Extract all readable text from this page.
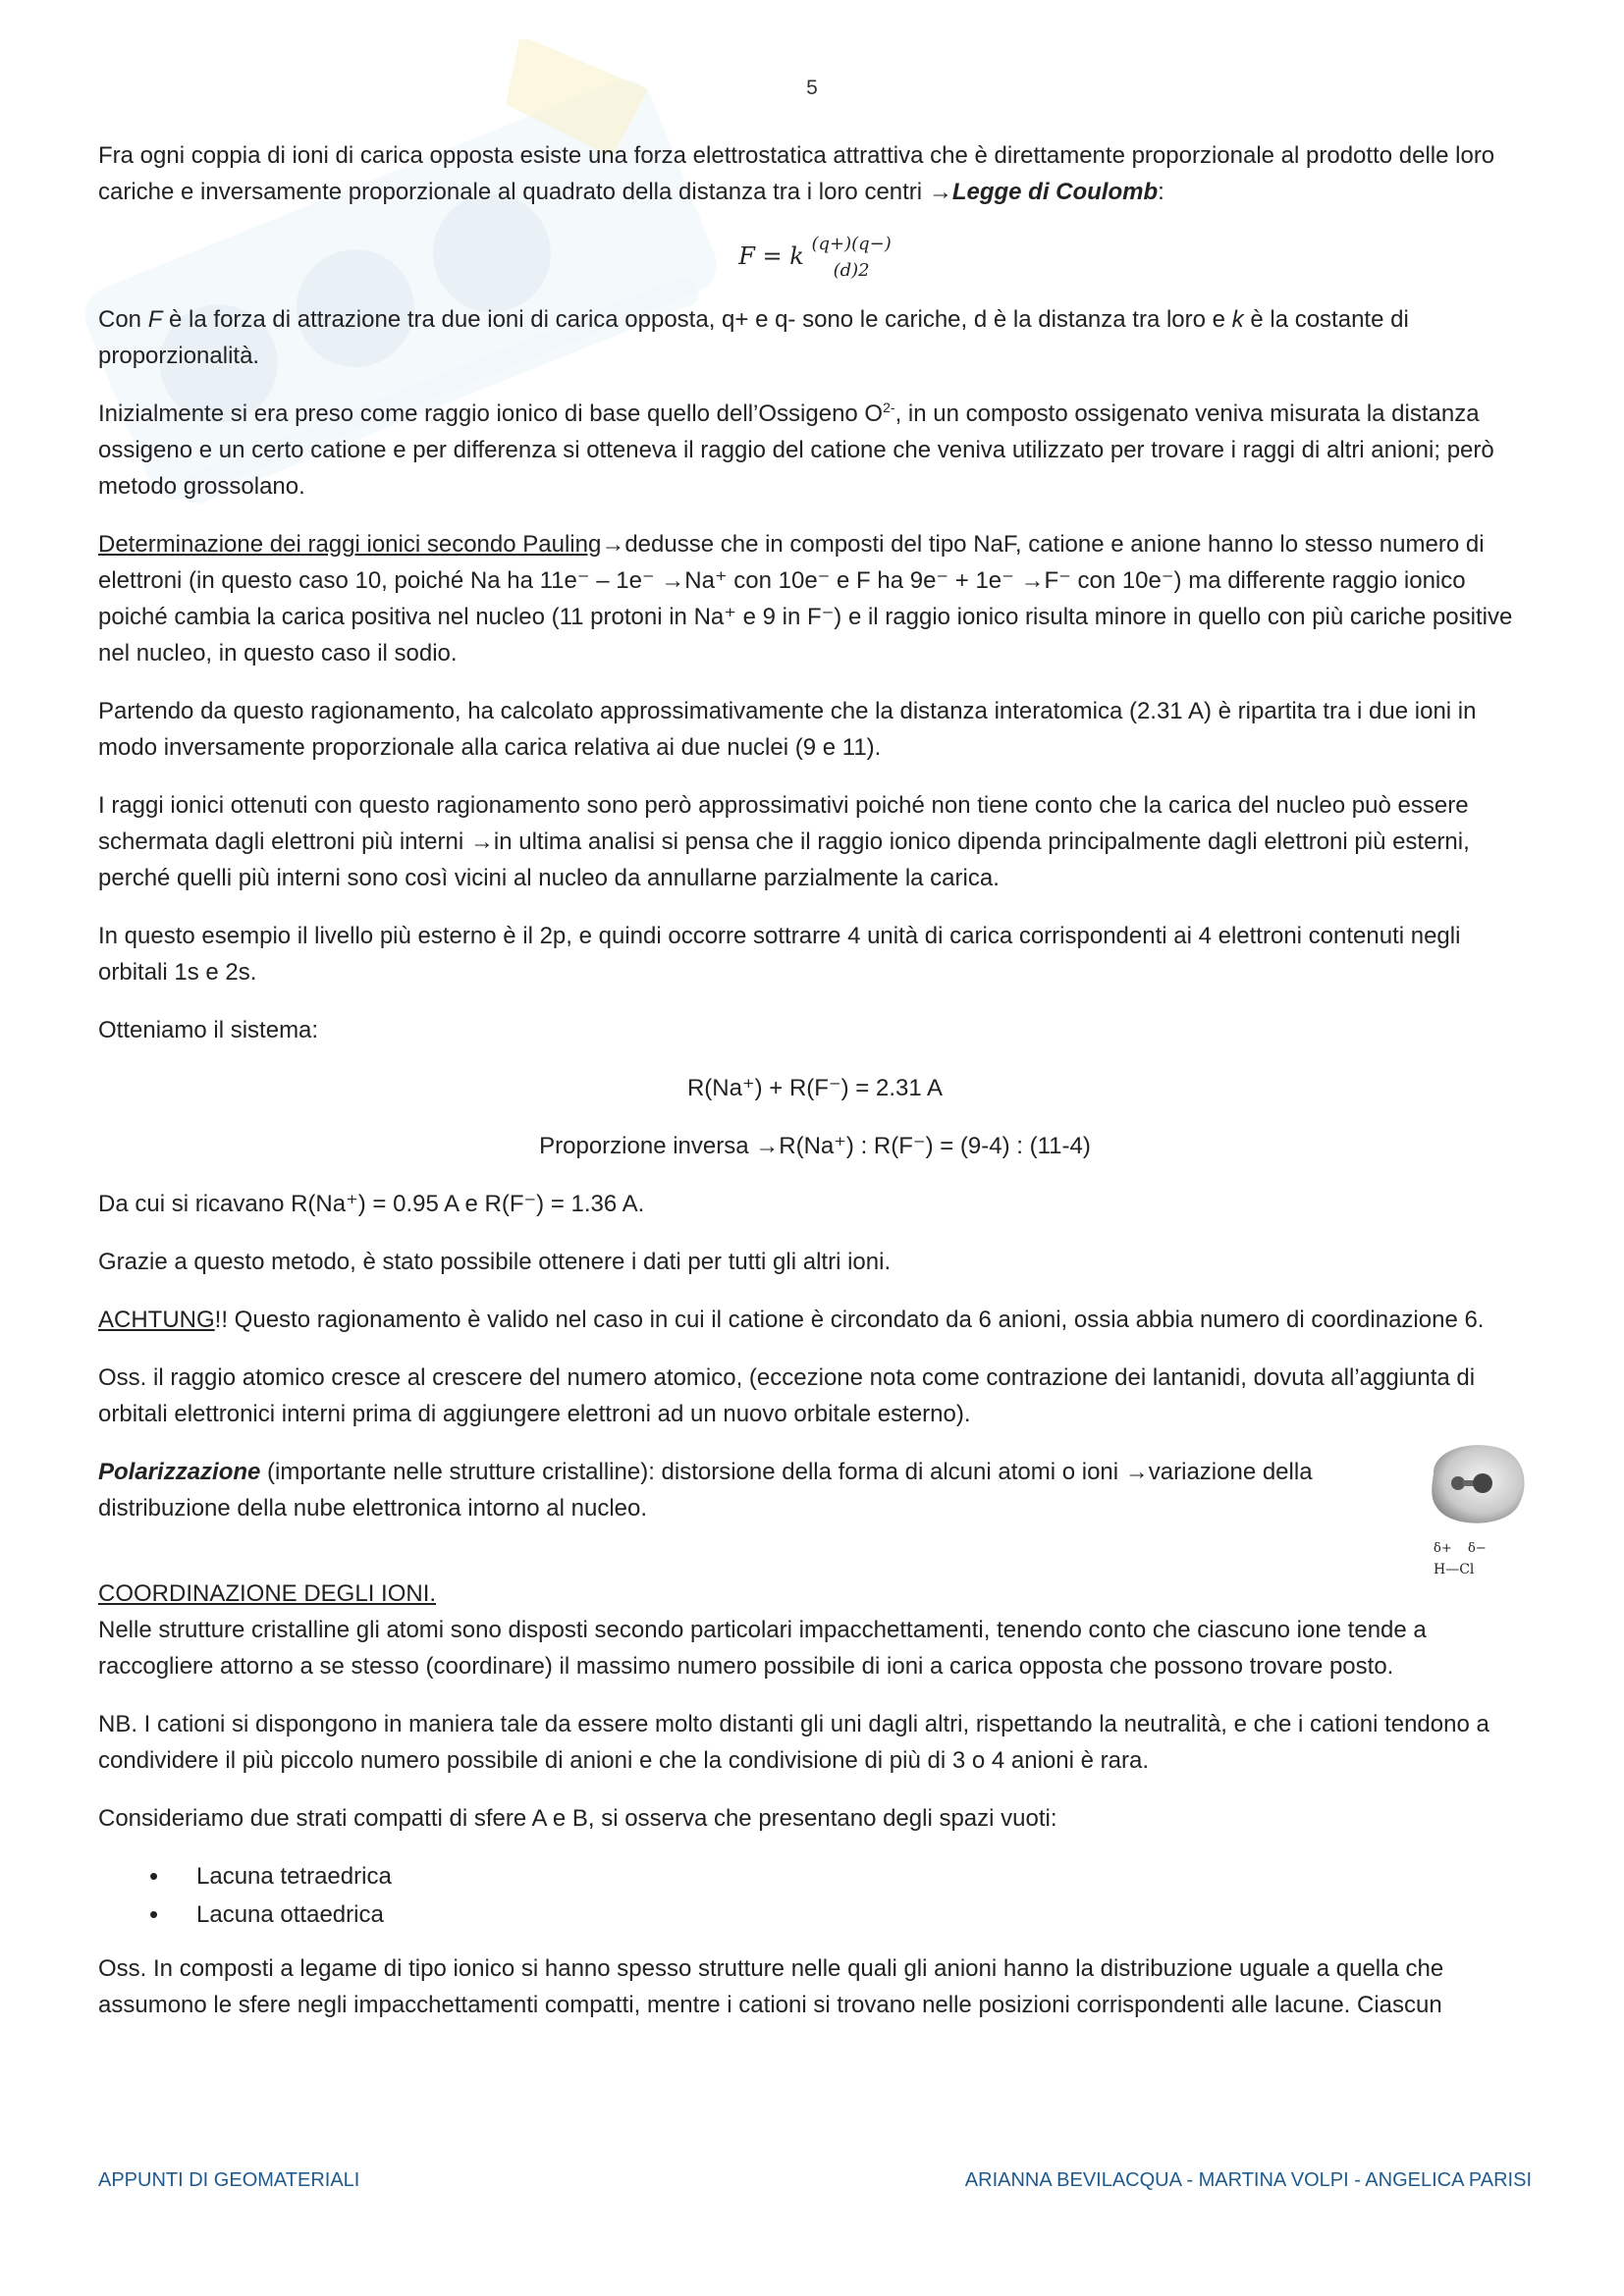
5

Fra ogni coppia di ioni di carica opposta esiste una forza elettrostatica attrattiva che è direttamente proporzionale al prodotto delle loro cariche e inversamente proporzionale al quadrato della distanza tra i loro centri →Legge di Coulomb:

F = k (q+)(q−)
(d)2

Con F è la forza di attrazione tra due ioni di carica opposta, q+ e q- sono le cariche, d è la distanza tra loro e k è la costante di proporzionalità.

Inizialmente si era preso come raggio ionico di base quello dell’Ossigeno $O^{2-}$, in un composto ossigenato veniva misurata la distanza ossigeno e un certo catione e per differenza si otteneva il raggio del catione che veniva utilizzato per trovare i raggi di altri anioni; però metodo grossolano.

Determinazione dei raggi ionici secondo Pauling→dedusse che in composti del tipo NaF, catione e anione hanno lo stesso numero di elettroni (in questo caso 10, poiché Na ha 11e⁻ – 1e⁻ →Na⁺ con 10e⁻ e F ha 9e⁻ + 1e⁻ →F⁻ con 10e⁻) ma differente raggio ionico poiché cambia la carica positiva nel nucleo (11 protoni in Na⁺ e 9 in F⁻) e il raggio ionico risulta minore in quello con più cariche positive nel nucleo, in questo caso il sodio.

Partendo da questo ragionamento, ha calcolato approssimativamente che la distanza interatomica (2.31 A) è ripartita tra i due ioni in modo inversamente proporzionale alla carica relativa ai due nuclei (9 e 11).

I raggi ionici ottenuti con questo ragionamento sono però approssimativi poiché non tiene conto che la carica del nucleo può essere schermata dagli elettroni più interni →in ultima analisi si pensa che il raggio ionico dipenda principalmente dagli elettroni più esterni, perché quelli più interni sono così vicini al nucleo da annullarne parzialmente la carica.

In questo esempio il livello più esterno è il 2p, e quindi occorre sottrarre 4 unità di carica corrispondenti ai 4 elettroni contenuti negli orbitali 1s e 2s.

Otteniamo il sistema:

R(Na⁺) + R(F⁻) = 2.31 A
Proporzione inversa →R(Na⁺) : R(F⁻) = (9-4) : (11-4)

Da cui si ricavano R(Na⁺) = 0.95 A e R(F⁻) = 1.36 A.

Grazie a questo metodo, è stato possibile ottenere i dati per tutti gli altri ioni.

ACHTUNG!! Questo ragionamento è valido nel caso in cui il catione è circondato da 6 anioni, ossia abbia numero di coordinazione 6.

Oss. il raggio atomico cresce al crescere del numero atomico, (eccezione nota come contrazione dei lantanidi, dovuta all’aggiunta di orbitali elettronici interni prima di aggiungere elettroni ad un nuovo orbitale esterno).

Polarizzazione (importante nelle strutture cristalline): distorsione della forma di alcuni atomi o ioni →variazione della distribuzione della nube elettronica intorno al nucleo.

δ+ δ−
H—Cl
COORDINAZIONE DEGLI IONI.

Nelle strutture cristalline gli atomi sono disposti secondo particolari impacchettamenti, tenendo conto che ciascuno ione tende a raccogliere attorno a se stesso (coordinare) il massimo numero possibile di ioni a carica opposta che possono trovare posto.

NB. I cationi si dispongono in maniera tale da essere molto distanti gli uni dagli altri, rispettando la neutralità, e che i cationi tendono a condividere il più piccolo numero possibile di anioni e che la condivisione di più di 3 o 4 anioni è rara.

Consideriamo due strati compatti di sfere A e B, si osserva che presentano degli spazi vuoti:

• Lacuna tetraedrica
• Lacuna ottaedrica

Oss. In composti a legame di tipo ionico si hanno spesso strutture nelle quali gli anioni hanno la distribuzione uguale a quella che assumono le sfere negli impacchettamenti compatti, mentre i cationi si trovano nelle posizioni corrispondenti alle lacune. Ciascun

APPUNTI DI GEOMATERIALI	ARIANNA BEVILACQUA - MARTINA VOLPI - ANGELICA PARISI
